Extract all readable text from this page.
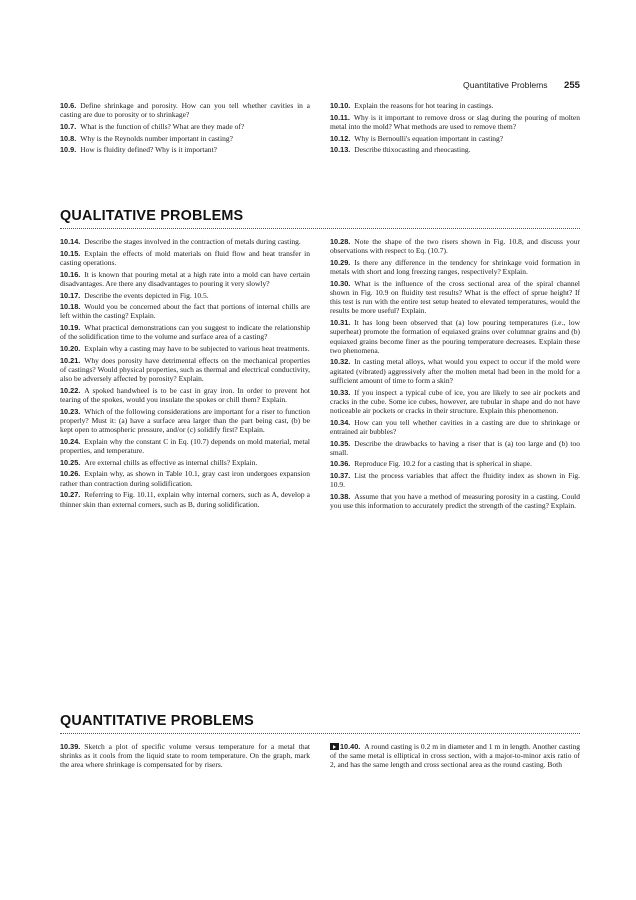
Quantitative Problems 255

10.6. Define shrinkage and porosity. How can you tell whether cavities in a casting are due to porosity or to shrinkage?

10.7. What is the function of chills? What are they made of?

10.8. Why is the Reynolds number important in casting?

10.9. How is fluidity defined? Why is it important?

10.10. Explain the reasons for hot tearing in castings.

10.11. Why is it important to remove dross or slag during the pouring of molten metal into the mold? What methods are used to remove them?

10.12. Why is Bernoulli's equation important in casting?

10.13. Describe thixocasting and rheocasting.

QUALITATIVE PROBLEMS

10.14. Describe the stages involved in the contraction of metals during casting.

10.15. Explain the effects of mold materials on fluid flow and heat transfer in casting operations.

10.16. It is known that pouring metal at a high rate into a mold can have certain disadvantages. Are there any disadvantages to pouring it very slowly?

10.17. Describe the events depicted in Fig. 10.5.

10.18. Would you be concerned about the fact that portions of internal chills are left within the casting? Explain.

10.19. What practical demonstrations can you suggest to indicate the relationship of the solidification time to the volume and surface area of a casting?

10.20. Explain why a casting may have to be subjected to various heat treatments.

10.21. Why does porosity have detrimental effects on the mechanical properties of castings? Would physical properties, such as thermal and electrical conductivity, also be adversely affected by porosity? Explain.

10.22. A spoked handwheel is to be cast in gray iron. In order to prevent hot tearing of the spokes, would you insulate the spokes or chill them? Explain.

10.23. Which of the following considerations are important for a riser to function properly? Must it: (a) have a surface area larger than the part being cast, (b) be kept open to atmospheric pressure, and/or (c) solidify first? Explain.

10.24. Explain why the constant C in Eq. (10.7) depends on mold material, metal properties, and temperature.

10.25. Are external chills as effective as internal chills? Explain.

10.26. Explain why, as shown in Table 10.1, gray cast iron undergoes expansion rather than contraction during solidification.

10.27. Referring to Fig. 10.11, explain why internal corners, such as A, develop a thinner skin than external corners, such as B, during solidification.

10.28. Note the shape of the two risers shown in Fig. 10.8, and discuss your observations with respect to Eq. (10.7).

10.29. Is there any difference in the tendency for shrinkage void formation in metals with short and long freezing ranges, respectively? Explain.

10.30. What is the influence of the cross sectional area of the spiral channel shown in Fig. 10.9 on fluidity test results? What is the effect of sprue height? If this test is run with the entire test setup heated to elevated temperatures, would the results be more useful? Explain.

10.31. It has long been observed that (a) low pouring temperatures (i.e., low superheat) promote the formation of equiaxed grains over columnar grains and (b) equiaxed grains become finer as the pouring temperature decreases. Explain these two phenomena.

10.32. In casting metal alloys, what would you expect to occur if the mold were agitated (vibrated) aggressively after the molten metal had been in the mold for a sufficient amount of time to form a skin?

10.33. If you inspect a typical cube of ice, you are likely to see air pockets and cracks in the cube. Some ice cubes, however, are tubular in shape and do not have noticeable air pockets or cracks in their structure. Explain this phenomenon.

10.34. How can you tell whether cavities in a casting are due to shrinkage or entrained air bubbles?

10.35. Describe the drawbacks to having a riser that is (a) too large and (b) too small.

10.36. Reproduce Fig. 10.2 for a casting that is spherical in shape.

10.37. List the process variables that affect the fluidity index as shown in Fig. 10.9.

10.38. Assume that you have a method of measuring porosity in a casting. Could you use this information to accurately predict the strength of the casting? Explain.

QUANTITATIVE PROBLEMS

10.39. Sketch a plot of specific volume versus temperature for a metal that shrinks as it cools from the liquid state to room temperature. On the graph, mark the area where shrinkage is compensated for by risers.

10.40. A round casting is 0.2 m in diameter and 1 m in length. Another casting of the same metal is elliptical in cross section, with a major-to-minor axis ratio of 2, and has the same length and cross sectional area as the round casting. Both
